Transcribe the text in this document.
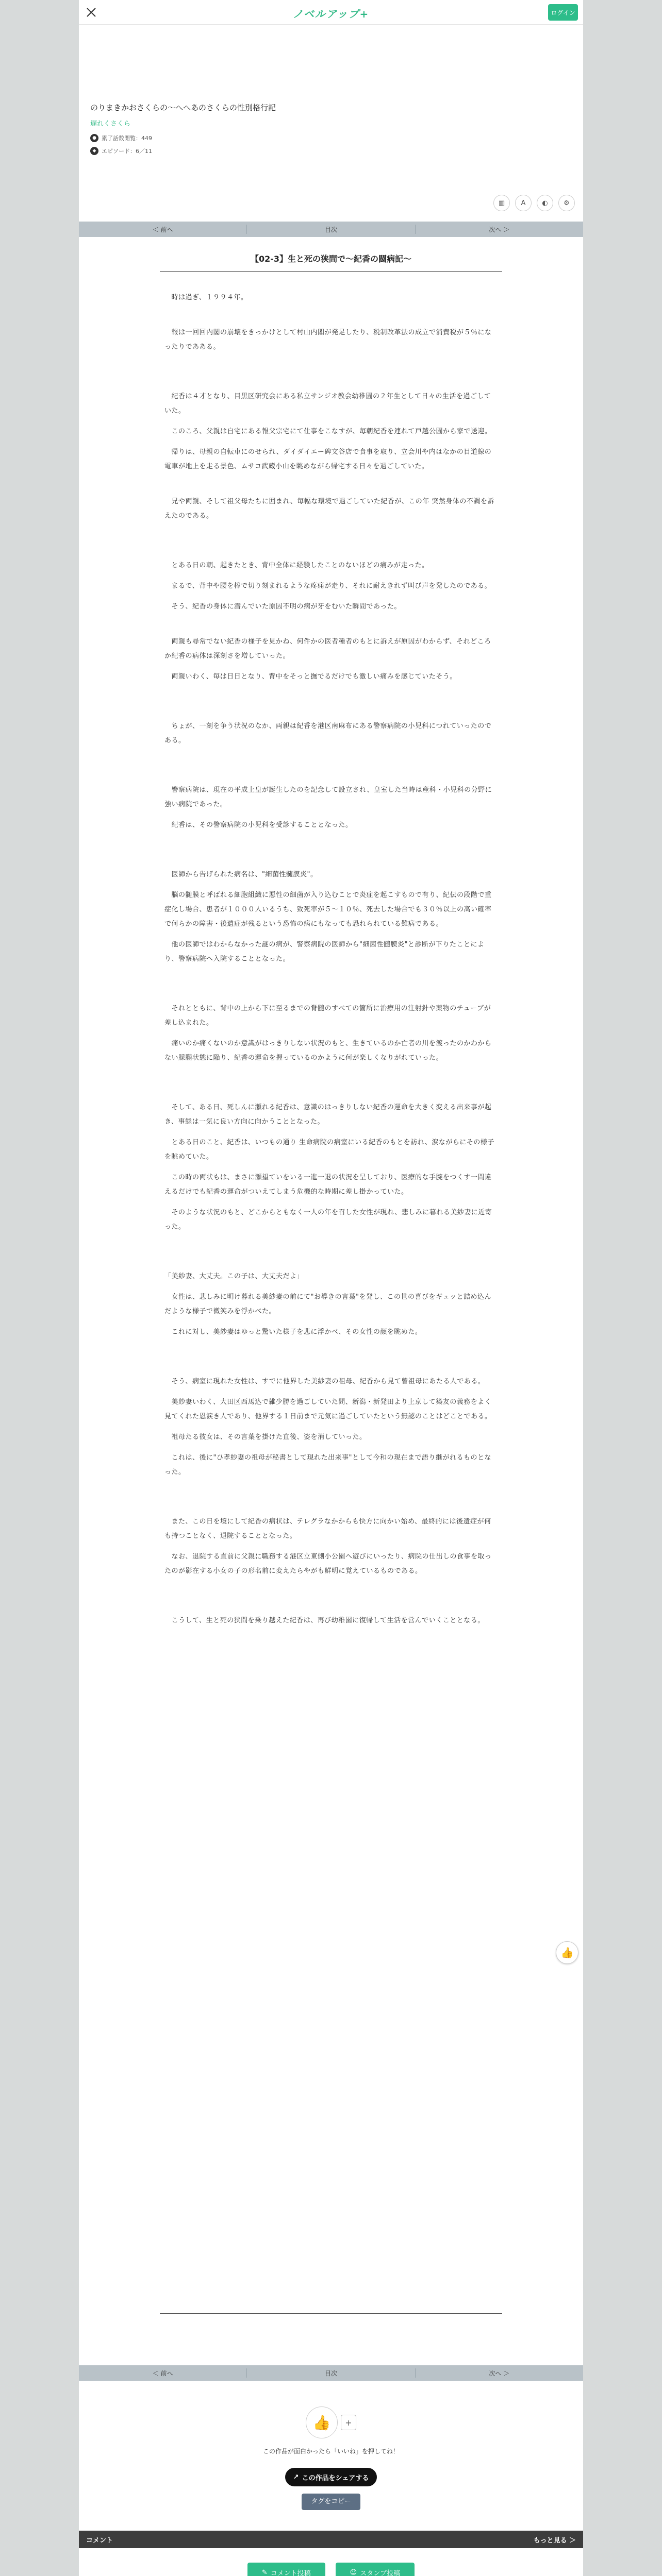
ノベルアップ+	ログイン
のりまきかおさくらの〜へへあのさくらの性別格行記
遅れくさくら
● 累了話数閲覧：449
◆ エピソード：6／11
▥ A ◐ ⚙
＜ 前へ	目次	次へ ＞
【02-3】生と死の狭間で～紀香の闘病記～

　時は過ぎ、１９９４年。

　報は一回回内閣の崩壊をきっかけとして村山内閣が発足したり、税制改革法の成立で消費税が５％になったりであある。

　紀香は４才となり、目黒区研究会にある私立サンジオ教会幼稚園の２年生として日々の生活を過ごしていた。

　このころ、父親は自宅にある報父宗宅にて仕事をこなすが、毎朝紀香を連れて戸越公園から家で送迎。

　帰りは、母親の自転車にのせられ、ダイダイエー碑文谷店で食事を取り、立会川や内はなかの目道線の電車が地上を走る景色、ムサコ武蔵小山を眺めながら帰宅する日々を過ごしていた。

　兄や両親、そして祖父母たちに囲まれ、毎幅な環境で過ごしていた紀香が、この年 突然身体の不調を訴えたのである。

　とある日の朝、起きたとき、背中全体に経験したことのないほどの痛みが走った。

　まるで、背中や腰を棒で切り刻まれるような疼痛が走り、それに耐えきれず叫び声を発したのである。

　そう、紀香の身体に潜んでいた原因不明の病が牙をむいた瞬間であった。

　両親も尋常でない紀香の様子を見かね、何件かの医者種者のもとに訴えが原因がわからず、それどころか紀香の病体は深刻さを増していった。

　両親いわく、毎は日日となり、背中をそっと撫でるだけでも激しい痛みを感じていたそう。

　ちょが、一刻を争う状況のなか、両親は紀香を港区南麻布にある警察病院の小児科につれていったのである。

　警察病院は、現在の平成上皇が誕生したのを記念して設立され、皇室した当時は産科・小児科の分野に強い病院であった。

　紀香は、その警察病院の小児科を受診することとなった。

　医師から告げられた病名は、"細菌性髄膜炎"。

　脳の髄膜と呼ばれる細胞組織に悪性の細菌が入り込むことで炎症を起こすもので有り、紀伝の段階で重症化し場合、患者が１０００人いるうち、致死率が５～１０％、死去した場合でも３０％以上の高い確率で何らかの障害・後遺症が残るという恐怖の病にもなっても恐れられている難病である。

　他の医師ではわからなかった謎の病が、警察病院の医師から"細菌性髄膜炎"と診断が下りたことにより、警察病院へ入院することとなった。

　それとともに、背中の上から下に至るまでの脊髄のすべての箇所に治療用の注射針や薬物のチューブが差し込まれた。

　痛いのか痛くないのか意識がはっきりしない状況のもと、生きているのか亡者の川を渡ったのかわからない朦朧状態に陥り、紀香の運命を握っているのかように何が楽しくなりがれていった。

　そして、ある日、死しんに瀬れる紀香は、意識のはっきりしない紀香の運命を大きく変える出来事が起き、事態は一気に良い方向に向かうこととなった。

　とある日のこと、紀香は、いつもの通り 生命病院の病室にいる紀香のもとを訪れ、涙ながらにその様子を眺めていた。

　この時の両状もは、まさに瀬望ていをいる一進一退の状況を呈しており、医療的な手腕をつくす一間違えるだけでも紀香の運命がついえてしまう危機的な時期に差し掛かっていた。

　そのような状況のもと、どこからともなく一人の年を召した女性が現れ、悲しみに暮れる美紗妻に近寄った。

「美紗妻、大丈夫。この子は、大丈夫だよ」

　女性は、悲しみに明け暮れる美紗妻の前にて"お導きの言葉"を発し、この世の喜びをギュッと詰め込んだような様子で微笑みを浮かべた。

　これに対し、美紗妻はゆっと驚いた様子を悲に浮かべ、その女性の顔を眺めた。

　そう、病室に現れた女性は、すでに他界した美紗妻の祖母、紀香から見て曾祖母にあたる人である。

　美紗妻いわく、大田区西馬込で雑少勝を過ごしていた問、新潟・新発田より上京して築友の義務をよく見てくれた恩涙き人であり、他界する１日前まで元気に過ごしていたという無認のことはどことである。

　祖母たる彼女は、その言葉を掛けた直後、姿を消していった。

　これは、後に"ひ孝紗妻の祖母が秘書として現れた出来事"として今和の現在まで語り継がれるものとなった。

　また、この日を境にして紀香の病状は、テレグラなかからも快方に向かい始め、最終的には後遺症が何も持つことなく、退院することとなった。

　なお、退院する直前に父親に職務する港区立東側小公園へ遊びにいったり、病院の仕出しの食事を取ったのが影在する小女の子の形名前に変えたらやがも鮮明に覚えているものである。

　こうして、生と死の狭間を乗り越えた紀香は、再び幼稚園に復帰して生活を営んでいくこととなる。

＜ 前へ	目次	次へ ＞
👍	+
この作品が面白かったら「いいね」を押してね！
↗ この作品をシェアする

タグをコピー
コメント	もっと見る ＞
✎ コメント投稿	☺ スタンプ投稿
👍
